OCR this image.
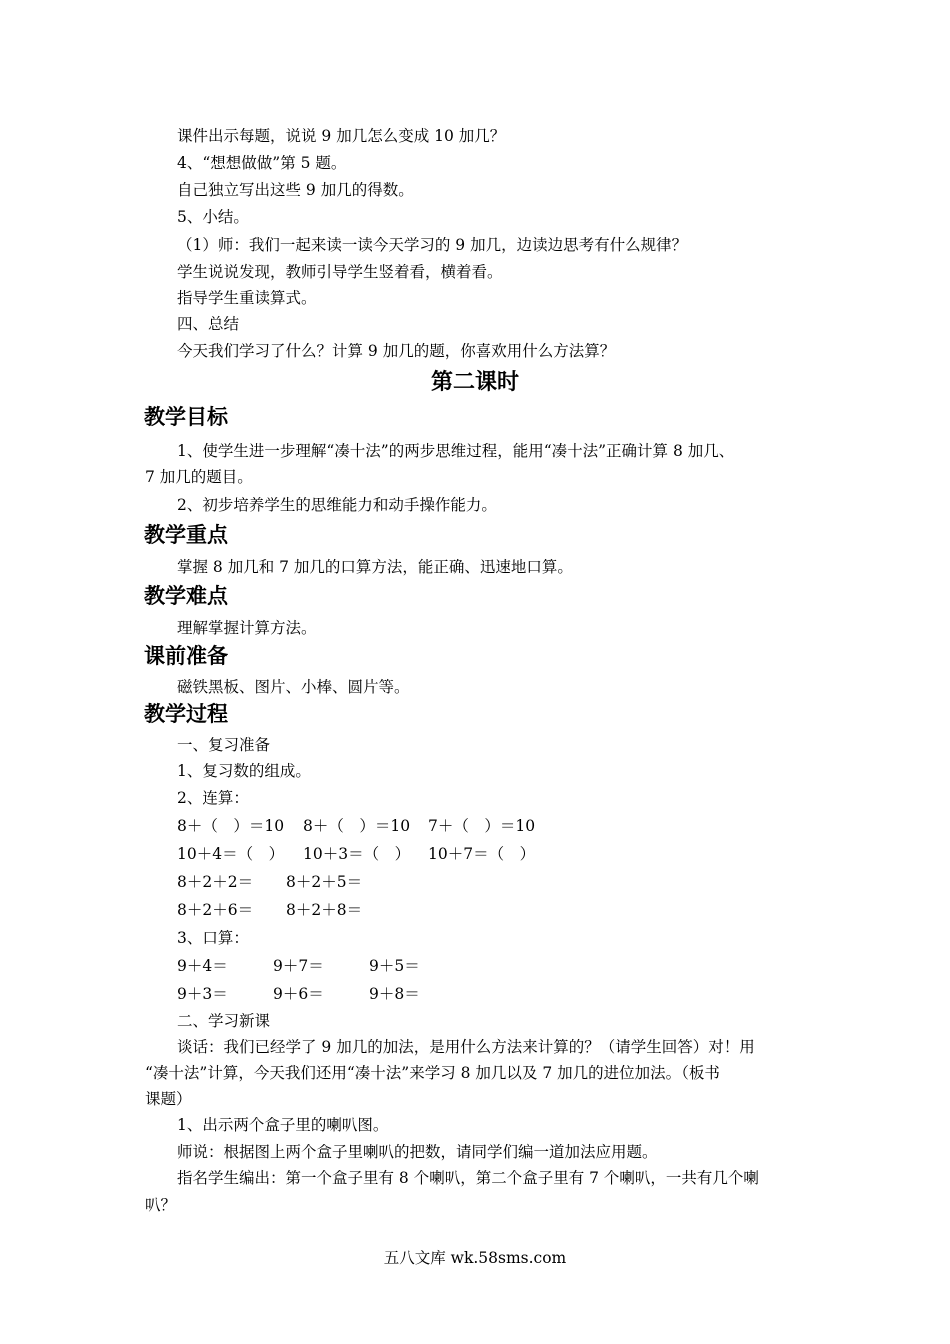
课件出示每题，说说 9 加几怎么变成 10 加几？
4、“想想做做”第 5 题。
自己独立写出这些 9 加几的得数。
5、小结。
（1）师：我们一起来读一读今天学习的 9 加几，边读边思考有什么规律？
学生说说发现，教师引导学生竖着看，横着看。
指导学生重读算式。
四、总结
今天我们学习了什么？计算 9 加几的题，你喜欢用什么方法算？
第二课时
教学目标
1、使学生进一步理解“凑十法”的两步思维过程，能用“凑十法”正确计算 8 加几、
7 加几的题目。
2、初步培养学生的思维能力和动手操作能力。
教学重点
掌握 8 加几和 7 加几的口算方法，能正确、迅速地口算。
教学难点
理解掌握计算方法。
课前准备
磁铁黑板、图片、小棒、圆片等。
教学过程
一、复习准备
1、复习数的组成。
2、连算：
8＋（　）＝10 8＋（　）＝10 7＋（　）＝10
10＋4＝（　） 10＋3＝（　） 10＋7＝（　）
8＋2＋2＝ 8＋2＋5＝
8＋2＋6＝ 8＋2＋8＝
3、口算：
9＋4＝	9＋7＝	9＋5＝
9＋3＝	9＋6＝	9＋8＝
二、学习新课
谈话：我们已经学了 9 加几的加法，是用什么方法来计算的？（请学生回答）对！用
“凑十法”计算，今天我们还用“凑十法”来学习 8 加几以及 7 加几的进位加法。（板书
课题）
1、出示两个盒子里的喇叭图。
师说：根据图上两个盒子里喇叭的把数，请同学们编一道加法应用题。
指名学生编出：第一个盒子里有 8 个喇叭，第二个盒子里有 7 个喇叭，一共有几个喇
叭？
五八文库 wk.58sms.com
